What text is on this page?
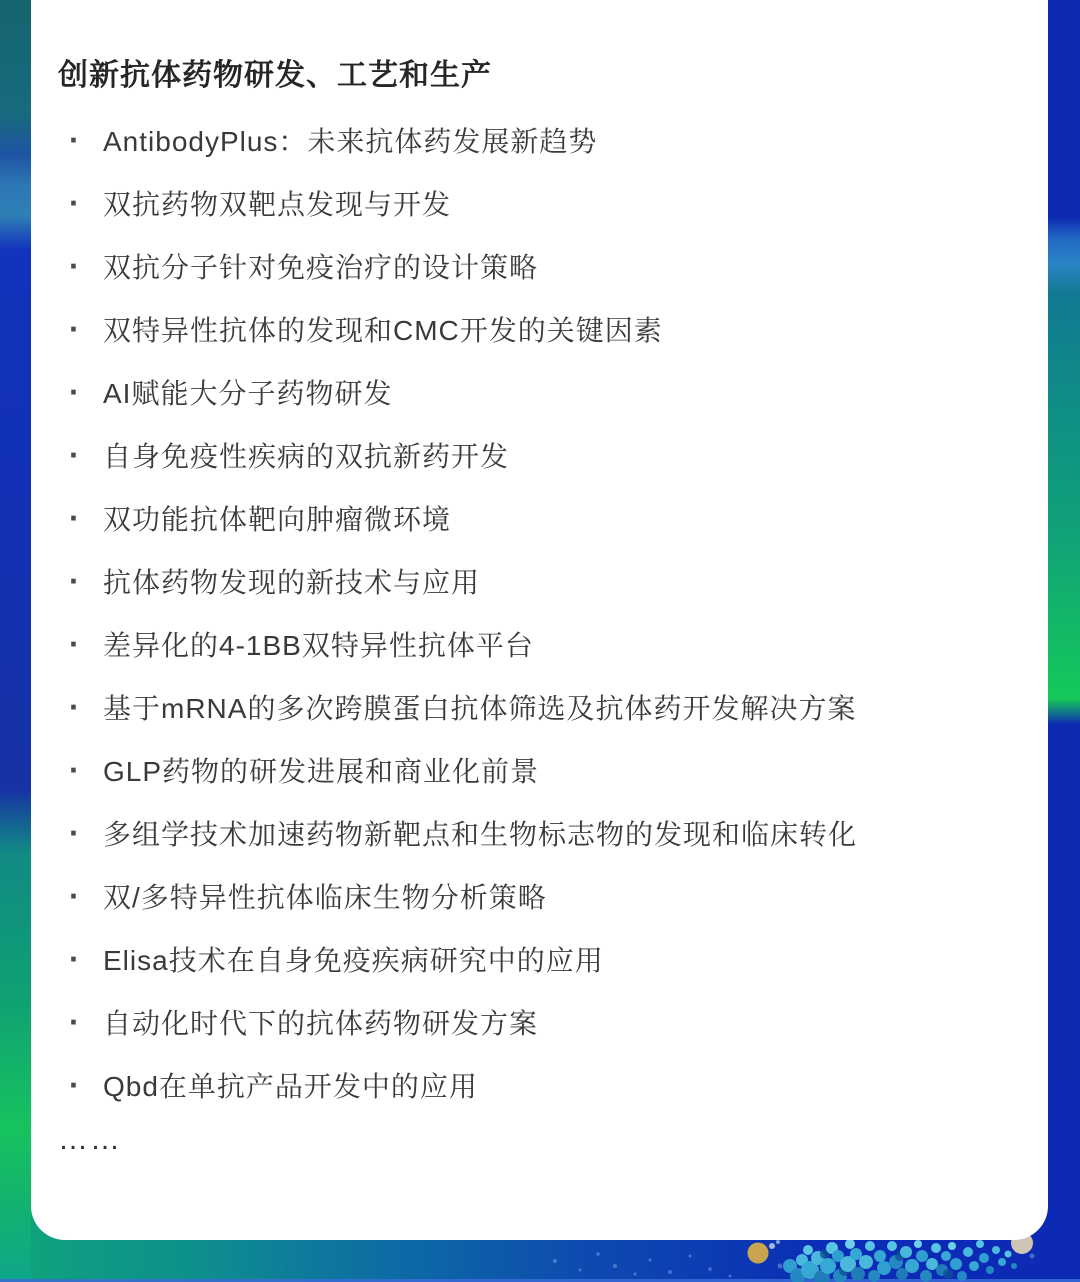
创新抗体药物研发、工艺和生产
· AntibodyPlus：未来抗体药发展新趋势
· 双抗药物双靶点发现与开发
· 双抗分子针对免疫治疗的设计策略
· 双特异性抗体的发现和CMC开发的关键因素
· AI赋能大分子药物研发
· 自身免疫性疾病的双抗新药开发
· 双功能抗体靶向肿瘤微环境
· 抗体药物发现的新技术与应用
· 差异化的4-1BB双特异性抗体平台
· 基于mRNA的多次跨膜蛋白抗体筛选及抗体药开发解决方案
· GLP药物的研发进展和商业化前景
· 多组学技术加速药物新靶点和生物标志物的发现和临床转化
· 双/多特异性抗体临床生物分析策略
· Elisa技术在自身免疫疾病研究中的应用
· 自动化时代下的抗体药物研发方案
· Qbd在单抗产品开发中的应用
……
